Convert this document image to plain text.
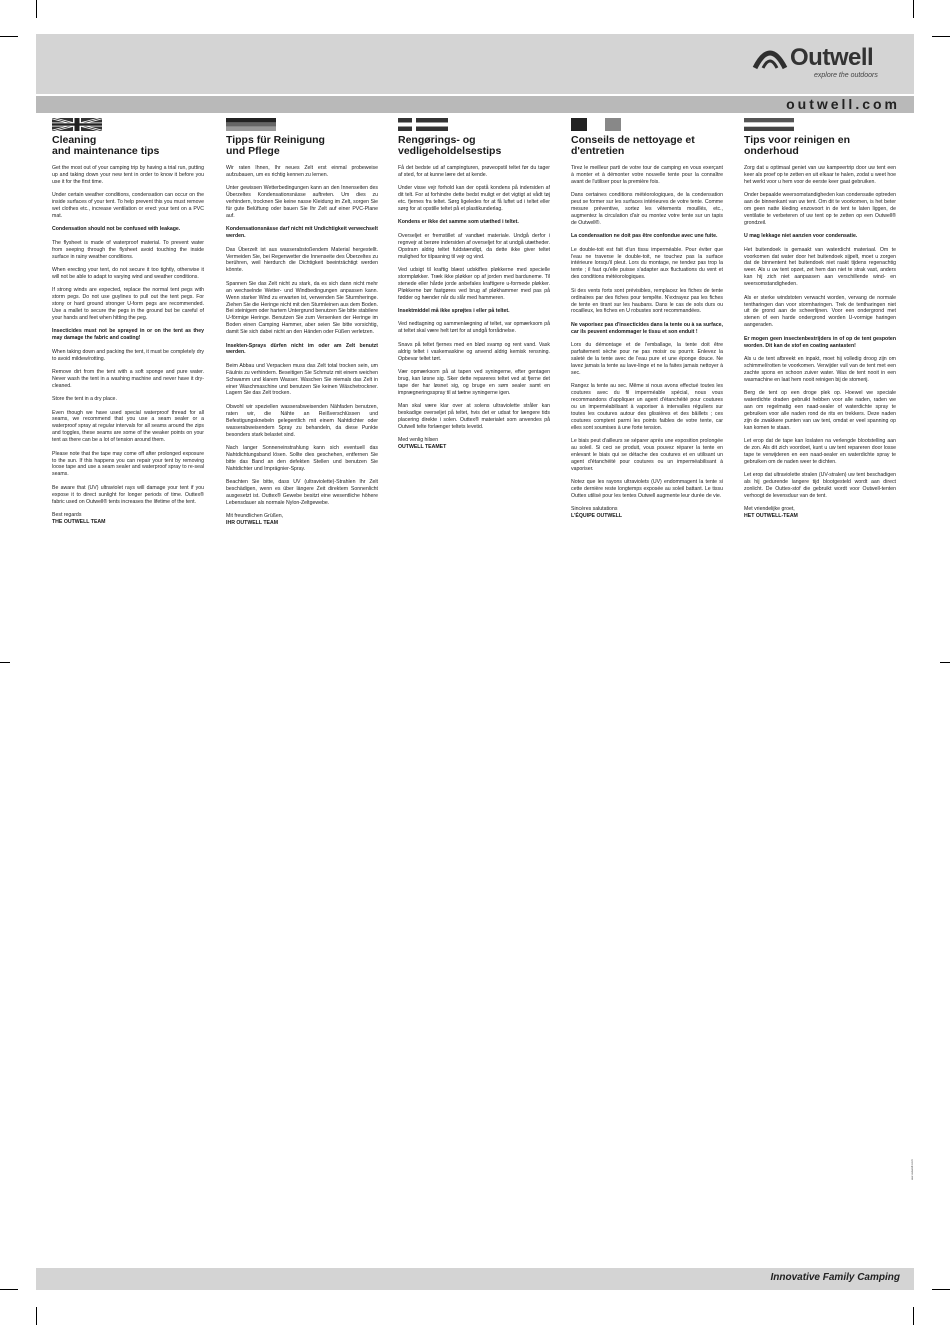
Outwell
explore the outdoors
outwell.com
Cleaning
and maintenance tips

Get the most out of your camping trip by having a trial run, putting up and taking down your new tent in order to know it before you use it for the first time.

Under certain weather conditions, condensation can occur on the inside surfaces of your tent. To help prevent this you must remove wet clothes etc., increase ventilation or erect your tent on a PVC mat.

Condensation should not be confused with leakage.

The flysheet is made of waterproof material. To prevent water from seeping through the flysheet avoid touching the inside surface in rainy weather conditions.

When erecting your tent, do not secure it too tightly, otherwise it will not be able to adapt to varying wind and weather conditions.

If strong winds are expected, replace the normal tent pegs with storm pegs. Do not use guylines to pull out the tent pegs. For stony or hard ground stronger U-form pegs are recommended. Use a mallet to secure the pegs in the ground but be careful of your hands and feet when hitting the peg.

Insecticides must not be sprayed in or on the tent as they may damage the fabric and coating!

When taking down and packing the tent, it must be completely dry to avoid mildew/rotting.

Remove dirt from the tent with a soft sponge and pure water. Never wash the tent in a washing machine and never have it dry-cleaned.

Store the tent in a dry place.

Even though we have used special waterproof thread for all seams, we recommend that you use a seam sealer or a waterproof spray at regular intervals for all seams around the zips and toggles, these seams are some of the weaker points on your tent as there can be a lot of tension around them.

Please note that the tape may come off after prolonged exposure to the sun. If this happens you can repair your tent by removing loose tape and use a seam sealer and waterproof spray to re-seal seams.

Be aware that (UV) ultraviolet rays will damage your tent if you expose it to direct sunlight for longer periods of time. Outtex® fabric used on Outwell® tents increases the lifetime of the tent.

Best regards
THE OUTWELL TEAM
Tipps für Reinigung
und Pflege

Wir raten Ihnen, Ihr neues Zelt erst einmal probeweise aufzubauen, um es richtig kennen zu lernen.

Unter gewissen Wetterbedingungen kann an den Innenseiten des Überzeltes Kondensationsnässe auftreten. Um dies zu verhindern, trocknen Sie keine nasse Kleidung im Zelt, sorgen Sie für gute Belüftung oder bauen Sie Ihr Zelt auf einer PVC-Plane auf.

Kondensationsnässe darf nicht mit Undichtigkeit verwechselt werden.

Das Überzelt ist aus wasserabstoßendem Material hergestellt. Vermeiden Sie, bei Regenwetter die Innenseite des Überzeltes zu berühren, weil hierdurch die Dichtigkeit beeinträchtigt werden könnte.

Spannen Sie das Zelt nicht zu stark, da es sich dann nicht mehr an wechselnde Wetter- und Windbedingungen anpassen kann. Wenn starker Wind zu erwarten ist, verwenden Sie Sturmheringe. Ziehen Sie die Heringe nicht mit den Sturmleinen aus dem Boden. Bei steinigem oder hartem Untergrund benutzen Sie bitte stabilere U-förmige Heringe. Benutzen Sie zum Versenken der Heringe im Boden einen Camping Hammer, aber seien Sie bitte vorsichtig, damit Sie sich dabei nicht an den Händen oder Füßen verletzen.

Insekten-Sprays dürfen nicht im oder am Zelt benutzt werden.

Beim Abbau und Verpacken muss das Zelt total trocken sein, um Fäulnis zu verhindern. Beseitigen Sie Schmutz mit einem weichen Schwamm und klarem Wasser. Waschen Sie niemals das Zelt in einer Waschmaschine und benutzen Sie keinen Wäschetrockner. Lagern Sie das Zelt trocken.

Obwohl wir speziellen wasserabweisenden Nähfaden benutzen, raten wir, die Nähte an Reißverschlüssen und Befestigungsknebeln gelegentlich mit einem Nahtdichter oder wasserabweisendem Spray zu behandeln, da diese Punkte besonders stark belastet sind.

Nach langer Sonneneinstrahlung kann sich eventuell das Nahtdichtungsband lösen. Sollte dies geschehen, entfernen Sie bitte das Band an den defekten Stellen und benutzen Sie Nahtdichter und Imprägnier-Spray.

Beachten Sie bitte, dass UV (ultraviolette)-Strahlen Ihr Zelt beschädigen, wenn es über längere Zeit direktem Sonnenlicht ausgesetzt ist. Outtex® Gewebe besitzt eine wesentliche höhere Lebensdauer als normale Nylon-Zeltgewebe.

Mit freundlichen Grüßen,
IHR OUTWELL TEAM
Rengørings- og
vedligeholdelsestips

Få det bedste ud af campingturen, prøveopstil teltet før du tager af sted, for at kunne lære det at kende.

Under visse vejr forhold kan der opstå kondens på indersiden af dit telt. For at forhindre dette bedst muligt er det vigtigt at vådt tøj etc. fjernes fra teltet. Sørg ligeledes for at få luftet ud i teltet eller sørg for at opstille teltet på et plastikunderlag.

Kondens er ikke det samme som utæthed i teltet.

Overseljet er fremstillet af vandtæt materiale. Undgå derfor i regnvejr at berøre indersiden af overseljet for at undgå utætheder. Opstram aldrig teltet fuldstændigt, da dette ikke giver teltet mulighed for tilpasning til vejr og vind.

Ved udsigt til kraftig blæst udskiftes pløkkerne med specielle stormpløkker. Træk ikke pløkker op af jorden med barduneme. Til stenede eller hårde jorde anbefales kraftigere u-formede pløkker. Pløkkerne bør fastgøres ved brug af pløkhammer med pas på fødder og hænder når du slår med hammeren.

Insektmiddel må ikke sprøjtes i eller på teltet.

Ved nedtagning og sammenlægning af teltet, var opmærksom på at teltet skal være helt tørt for at undgå forrådnelse.

Snavs på teltet fjernes med en blød svamp og rent vand. Vask aldrig teltet i vaskemaskine og anvend aldrig kemisk rensning. Opbevar teltet tørt.

Vær opmærksom på at tapen ved syningerne, efter gentagen brug, kan løsne sig. Sker dette repareres teltet ved at fjerne det tape der har løsnet sig, og bruge en søm sealer samt en imprægneringsspray til at tætne syningerne igen.

Man skal være klar over at solens ultraviolette stråler kan beskadige overseljet på teltet, hvis det er udsat for længere tids placering direkte i solen. Outtex® materialet som anvendes på Outwell telte forlænger teltets levetid.

Med venlig hilsen
OUTWELL TEAMET
Conseils de nettoyage et
d'entretien

Tirez le meilleur parti de votre tour de camping en vous exerçant à monter et à démonter votre nouvelle tente pour la connaître avant de l'utiliser pour la première fois.

Dans certaines conditions météorologiques, de la condensation peut se former sur les surfaces intérieures de votre tente. Comme mesure préventive, sortez les vêtements mouillés, etc., augmentez la circulation d'air ou montez votre tente sur un tapis de Outwell®.

La condensation ne doit pas être confondue avec une fuite.

Le double-toit est fait d'un tissu imperméable. Pour éviter que l'eau ne traverse le double-toit, ne touchez pas la surface intérieure lorsqu'il pleut. Lors du montage, ne tendez pas trop la tente ; il faut qu'elle puisse s'adapter aux fluctuations du vent et des conditions météorologiques.

Si des vents forts sont prévisibles, remplacez les fiches de tente ordinaires par des fiches pour tempête. N'extrayez pas les fiches de tente en tirant sur les haubans. Dans le cas de sols durs ou rocailleux, les fiches en U robustes sont recommandées.

Ne vaporisez pas d'insecticides dans la tente ou à sa surface, car ils peuvent endommager le tissu et son enduit !

Lors du démontage et de l'emballage, la tente doit être parfaitement sèche pour ne pas moisir ou pourrir. Enlevez la saleté de la tente avec de l'eau pure et une éponge douce. Ne lavez jamais la tente au lave-linge et ne la faites jamais nettoyer à sec.

Rangez la tente au sec. Même si nous avons effectué toutes les coutures avec du fil imperméable spécial, nous vous recommandons d'appliquer un agent d'étanchéité pour coutures ou un imperméabilisant à vaporiser à intervalles réguliers sur toutes les coutures autour des glissières et des bâillets ; ces coutures comptent parmi les points faibles de votre tente, car elles sont soumises à une forte tension.

Le biais peut d'ailleurs se séparer après une exposition prolongée au soleil. Si ceci se produit, vous pouvez réparer la tente en enlevant le biais qui se détache des coutures et en utilisant un agent d'étanchéité pour coutures ou un imperméabilisant à vaporiser.

Notez que les rayons ultraviolets (UV) endommagent la tente si cette dernière reste longtemps exposée au soleil battant. Le tissu Outtex utilisé pour les tentes Outwell augmente leur durée de vie.

Sincères salutations
L'ÉQUIPE OUTWELL
Tips voor reinigen en
onderhoud

Zorg dat u optimaal geniet van uw kampeertrip door uw tent een keer als proef op te zetten en uit elkaar te halen, zodat u weet hoe het werkt voor u hem voor de eerste keer gaat gebruiken.

Onder bepaalde weersomstandigheden kan condensatie optreden aan de binnenkant van uw tent. Om dit te voorkomen, is het beter om geen natte kleding enzovoort in de tent te laten liggen, de ventilatie te verbeteren of uw tent op te zetten op een Outwell® grondzeil.

U mag lekkage niet aanzien voor condensatie.

Het buitendoek is gemaakt van waterdicht materiaal. Om te voorkomen dat water door het buitendoek sijpelt, moet u zorgen dat de binnentent het buitendoek niet raakt tijdens regenachtig weer. Als u uw tent opzet, zet hem dan niet te strak vast, anders kan hij zich niet aanpassen aan verschillende wind- en weersomstandigheden.

Als er sterke windstoten verwacht worden, vervang de normale tentharingen dan voor stormharingen. Trek de tentharingen niet uit de grond aan de scheerlijnen. Voor een ondergrond met stenen of een harde ondergrond worden U-vormige haringen aangeraden.

Er mogen geen insectenbestrijders in of op de tent gespoten worden. Dit kan de stof en coating aantasten!

Als u de tent afbreekt en inpakt, moet hij volledig droog zijn om schimmel/rotten te voorkomen. Verwijder vuil van de tent met een zachte spons en schoon zuiver water. Was de tent nooit in een wasmachine en laat hem nooit reinigen bij de stomerij.

Berg de tent op een droge plek op. Hoewel we speciale waterdichte draden gebruikt hebben voor alle naden, raden we aan om regelmatig een naad-sealer of waterdichte spray te gebruiken voor alle naden rond de rits en trekkers. Deze naden zijn de zwakkere punten van uw tent, omdat er veel spanning op kan komen te staan.

Let erop dat de tape kan loslaten na verlengde blootstelling aan de zon. Als dit zich voordoet, kunt u uw tent repareren door losse tape te verwijderen en een naad-sealer en waterdichte spray te gebruiken om de naden weer te dichten.

Let erop dat ultraviolette stralen (UV-stralen) uw tent beschadigen als hij gedurende langere tijd blootgesteld wordt aan direct zonlicht. De Outtex-stof die gebruikt wordt voor Outwell-tenten verhoogt de levensduur van de tent.

Met vriendelijke groet,
HET OUTWELL-TEAM
ww.outwell.com
Innovative Family Camping
